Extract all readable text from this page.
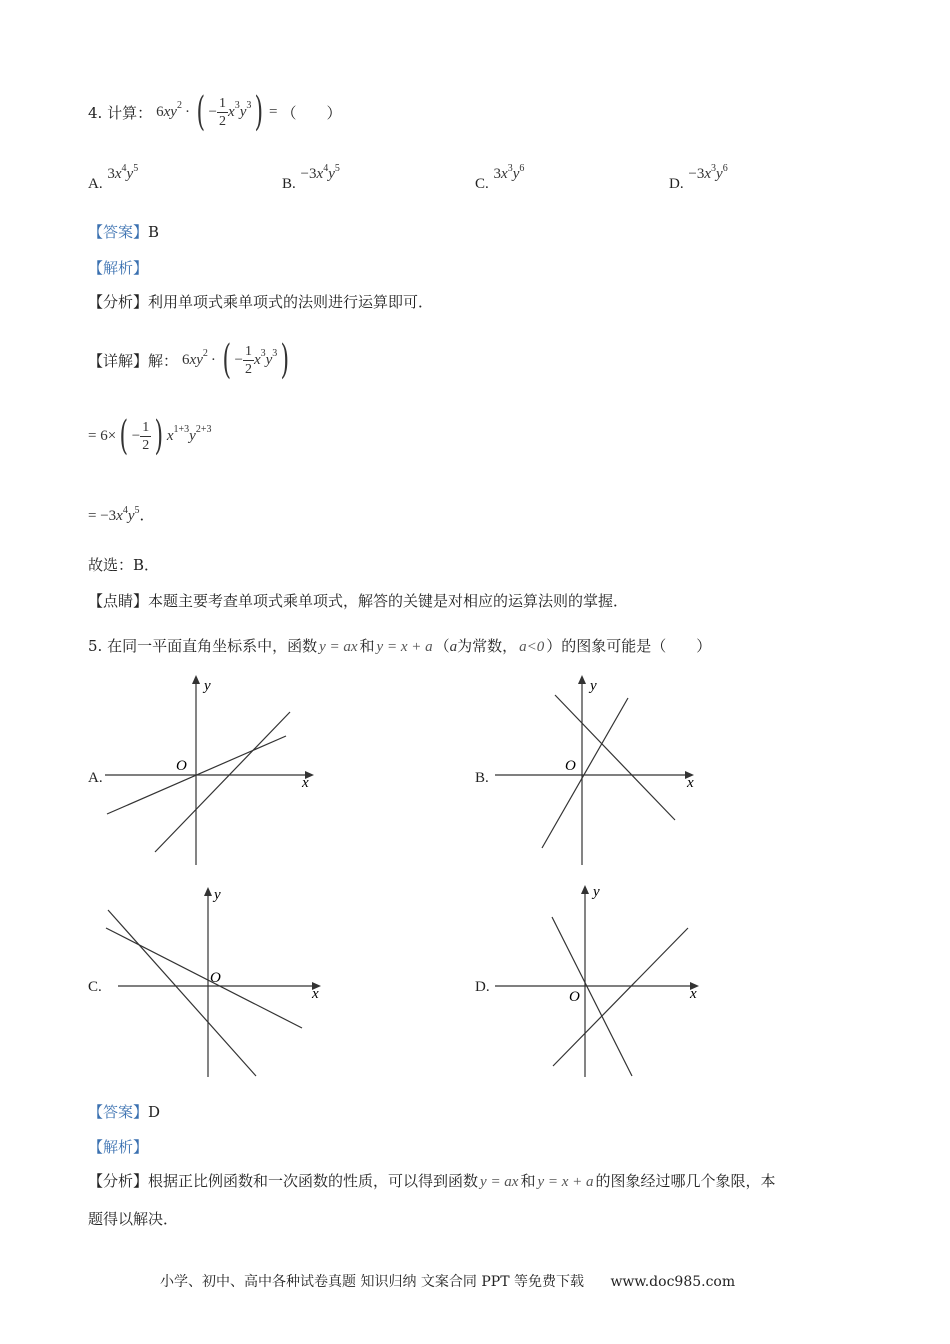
4. 计算： 6 x y 2 · ( − $\frac{1}{2}$ x 3 y 3 ) = （　　）
A. $3x^4y^5$
B. $-3x^4y^5$
C. $3x^3y^6$
D. $-3x^3y^6$
【答案】B
【解析】
【分析】利用单项式乘单项式的法则进行运算即可．
【详解】 解： 6 x y 2 · ( − $\frac{1}{2}$ x 3 y 3 )
= 6× ( − $\frac{1}{2}$ ) x 1+3 y 2+3
= $-3x^4y^5$．
故选：B．
【点睛】本题主要考查单项式乘单项式，解答的关键是对相应的运算法则的掌握．
5. 在同一平面直角坐标系中，函数 y = ax 和 y = x + a （a为常数， a<0 ）的图象可能是（　　）
A.	B.
C.	D.
y
x
O
y
x
O
y
x
O
y
x
O
【答案】D
【解析】
【分析】根据正比例函数和一次函数的性质，可以得到函数 y = ax 和 y = x + a 的图象经过哪几个象限，本
题得以解决．
小学、初中、高中各种试卷真题 知识归纳 文案合同 PPT 等免费下载 www.doc985.com
